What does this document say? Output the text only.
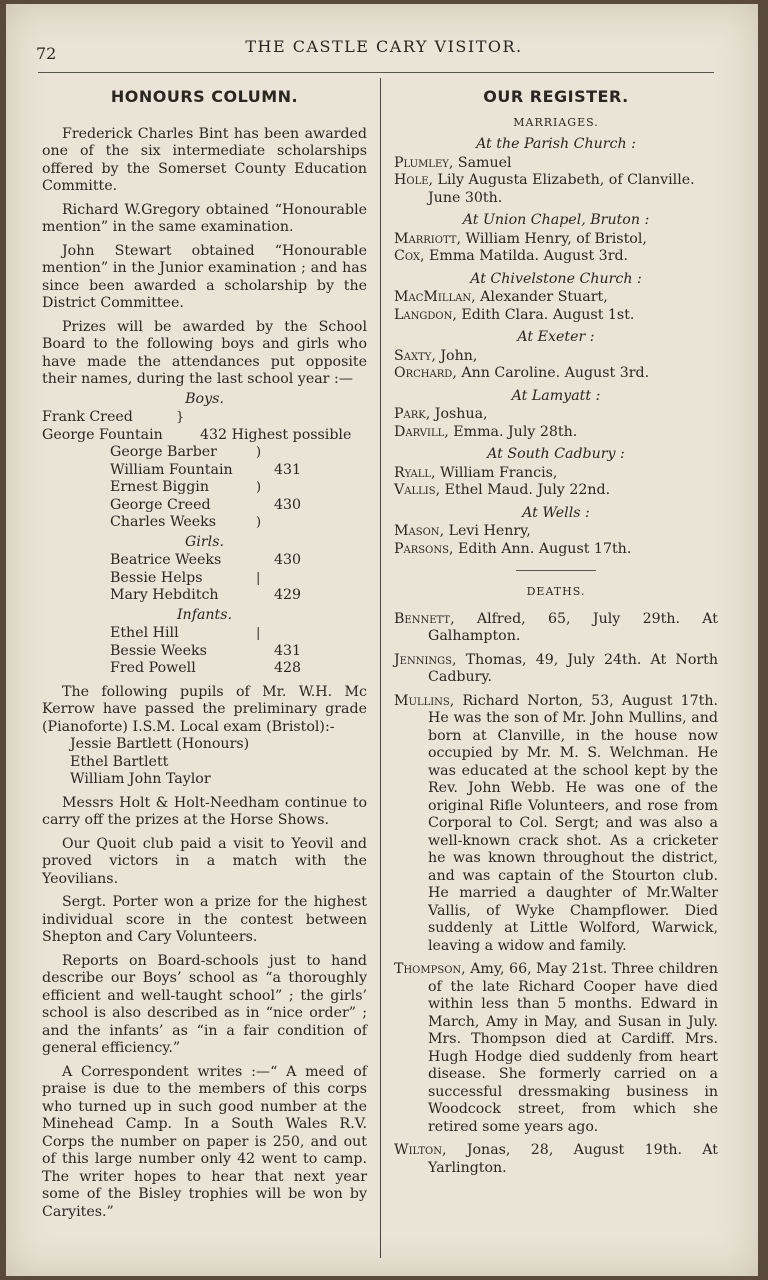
72	THE CASTLE CARY VISITOR.
HONOURS COLUMN.

Frederick Charles Bint has been awarded one of the six intermediate scholarships offered by the Somerset County Education Committe.

Richard W.Gregory obtained “Honourable mention” in the same examination.

John Stewart obtained “Honourable mention” in the Junior examination ; and has since been awarded a scholarship by the District Committee.

Prizes will be awarded by the School Board to the following boys and girls who have made the attendances put opposite their names, during the last school year :—

Boys.
Frank Creed	}
George Fountain	432 Highest possible
George Barber	)
William Fountain	431
Ernest Biggin	)
George Creed	430
Charles Weeks	)
Girls.
Beatrice Weeks	430
Bessie Helps	|
Mary Hebditch	429
Infants.
Ethel Hill	|
Bessie Weeks	431
Fred Powell	428

The following pupils of Mr. W.H. Mc Kerrow have passed the preliminary grade (Pianoforte) I.S.M. Local exam (Bristol):-

Jessie Bartlett (Honours)
Ethel Bartlett
William John Taylor

Messrs Holt & Holt-Needham continue to carry off the prizes at the Horse Shows.

Our Quoit club paid a visit to Yeovil and proved victors in a match with the Yeovilians.

Sergt. Porter won a prize for the highest individual score in the contest between Shepton and Cary Volunteers.

Reports on Board-schools just to hand describe our Boys’ school as “a thoroughly efficient and well-taught school” ; the girls’ school is also described as in “nice order” ; and the infants’ as “in a fair condition of general efficiency.”

A Correspondent writes :—“ A meed of praise is due to the members of this corps who turned up in such good number at the Minehead Camp. In a South Wales R.V. Corps the number on paper is 250, and out of this large number only 42 went to camp. The writer hopes to hear that next year some of the Bisley trophies will be won by Caryites.”

OUR REGISTER.
MARRIAGES.
At the Parish Church :
Plumley, Samuel
Hole, Lily Augusta Elizabeth, of Clanville. June 30th.
At Union Chapel, Bruton :
Marriott, William Henry, of Bristol,
Cox, Emma Matilda. August 3rd.
At Chivelstone Church :
MacMillan, Alexander Stuart,
Langdon, Edith Clara. August 1st.
At Exeter :
Saxty, John,
Orchard, Ann Caroline. August 3rd.
At Lamyatt :
Park, Joshua,
Darvill, Emma. July 28th.
At South Cadbury :
Ryall, William Francis,
Vallis, Ethel Maud. July 22nd.
At Wells :
Mason, Levi Henry,
Parsons, Edith Ann. August 17th.
DEATHS.
Bennett, Alfred, 65, July 29th. At Galhampton.
Jennings, Thomas, 49, July 24th. At North Cadbury.
Mullins, Richard Norton, 53, August 17th. He was the son of Mr. John Mullins, and born at Clanville, in the house now occupied by Mr. M. S. Welchman. He was educated at the school kept by the Rev. John Webb. He was one of the original Rifle Volunteers, and rose from Corporal to Col. Sergt; and was also a well-known crack shot. As a cricketer he was known throughout the district, and was captain of the Stourton club. He married a daughter of Mr.Walter Vallis, of Wyke Champflower. Died suddenly at Little Wolford, Warwick, leaving a widow and family.
Thompson, Amy, 66, May 21st. Three children of the late Richard Cooper have died within less than 5 months. Edward in March, Amy in May, and Susan in July. Mrs. Thompson died at Cardiff. Mrs. Hugh Hodge died suddenly from heart disease. She formerly carried on a successful dressmaking business in Woodcock street, from which she retired some years ago.
Wilton, Jonas, 28, August 19th. At Yarlington.
